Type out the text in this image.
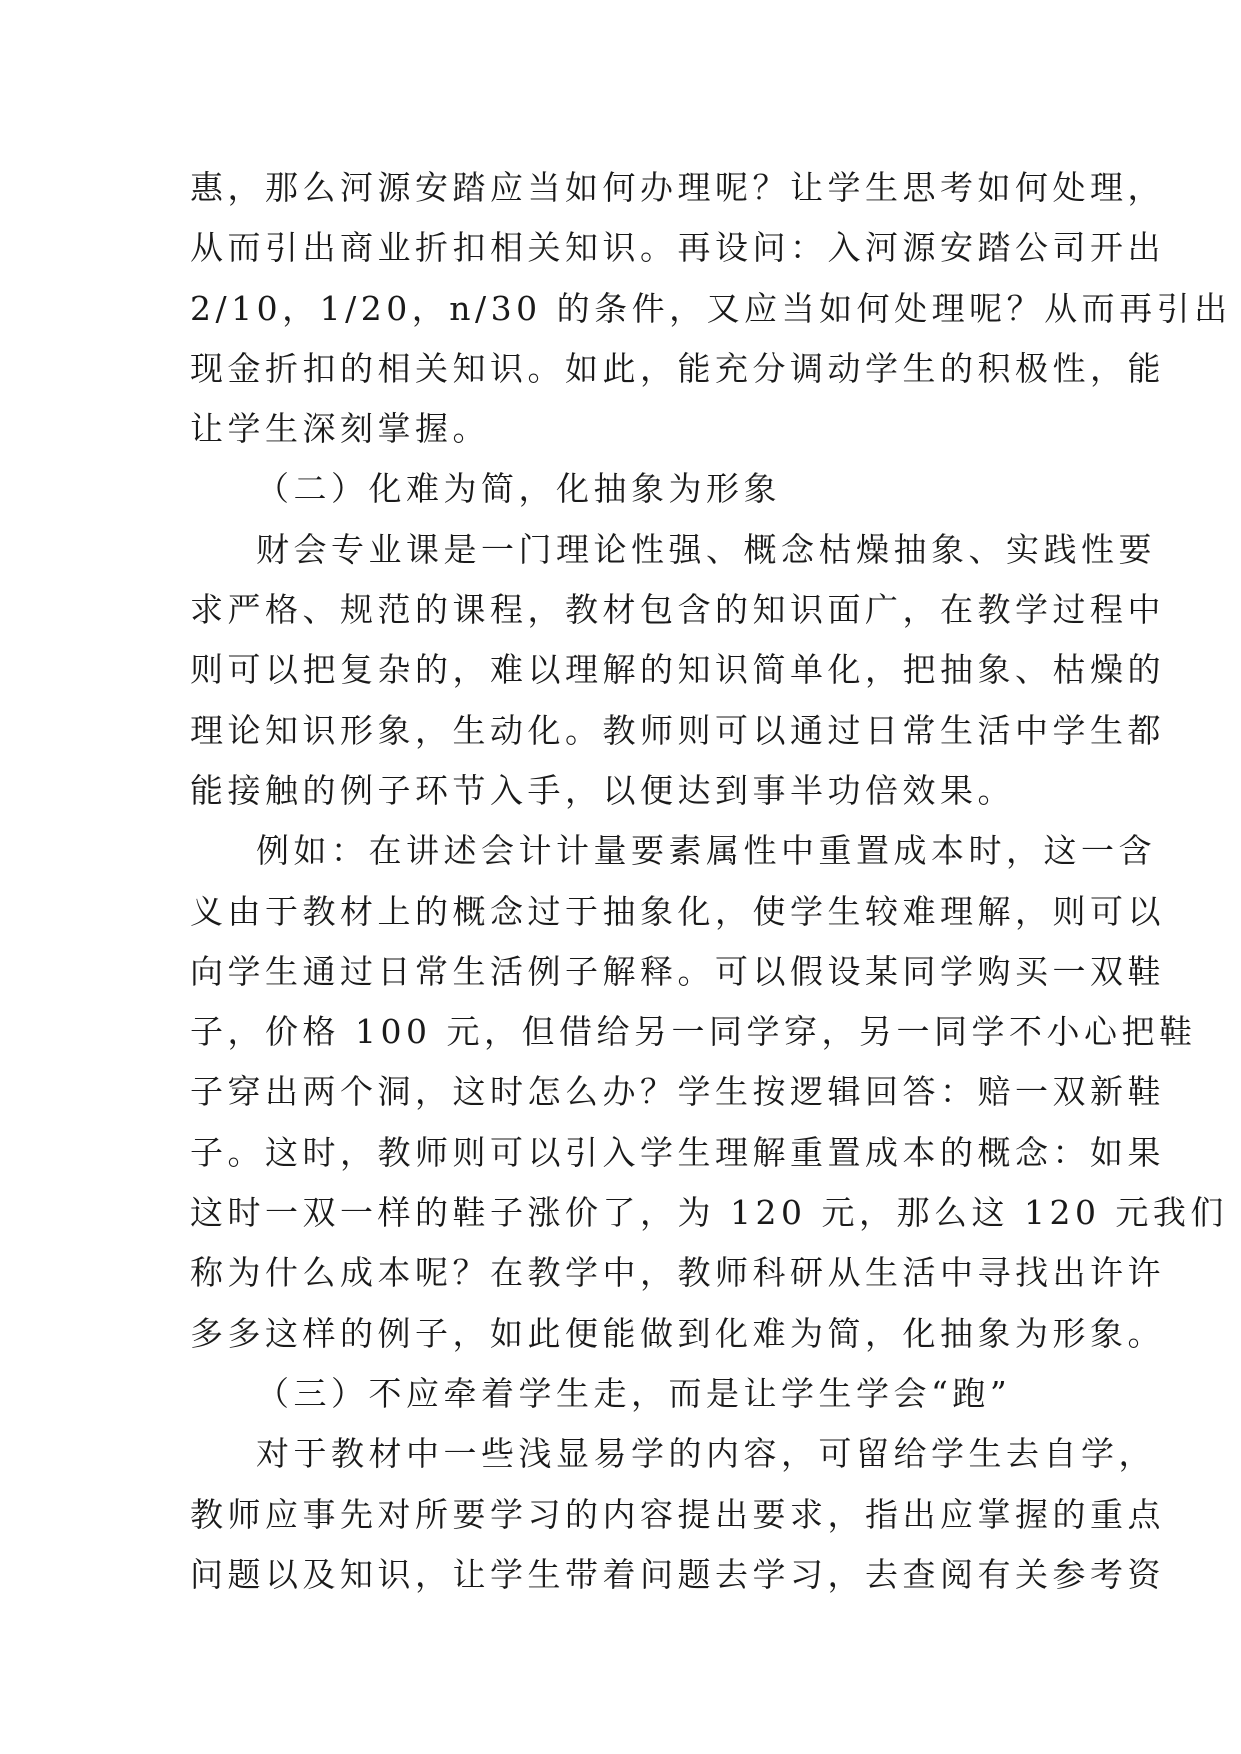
惠，那么河源安踏应当如何办理呢？让学生思考如何处理，
从而引出商业折扣相关知识。再设问：入河源安踏公司开出
2/10，1/20，n/30 的条件，又应当如何处理呢？从而再引出
现金折扣的相关知识。如此，能充分调动学生的积极性，能
让学生深刻掌握。
（二）化难为简，化抽象为形象
财会专业课是一门理论性强、概念枯燥抽象、实践性要
求严格、规范的课程，教材包含的知识面广，在教学过程中
则可以把复杂的，难以理解的知识简单化，把抽象、枯燥的
理论知识形象，生动化。教师则可以通过日常生活中学生都
能接触的例子环节入手，以便达到事半功倍效果。
例如：在讲述会计计量要素属性中重置成本时，这一含
义由于教材上的概念过于抽象化，使学生较难理解，则可以
向学生通过日常生活例子解释。可以假设某同学购买一双鞋
子，价格 100 元，但借给另一同学穿，另一同学不小心把鞋
子穿出两个洞，这时怎么办？学生按逻辑回答：赔一双新鞋
子。这时，教师则可以引入学生理解重置成本的概念：如果
这时一双一样的鞋子涨价了，为 120 元，那么这 120 元我们
称为什么成本呢？在教学中，教师科研从生活中寻找出许许
多多这样的例子，如此便能做到化难为简，化抽象为形象。
（三）不应牵着学生走，而是让学生学会“跑”
对于教材中一些浅显易学的内容，可留给学生去自学，
教师应事先对所要学习的内容提出要求，指出应掌握的重点
问题以及知识，让学生带着问题去学习，去查阅有关参考资
